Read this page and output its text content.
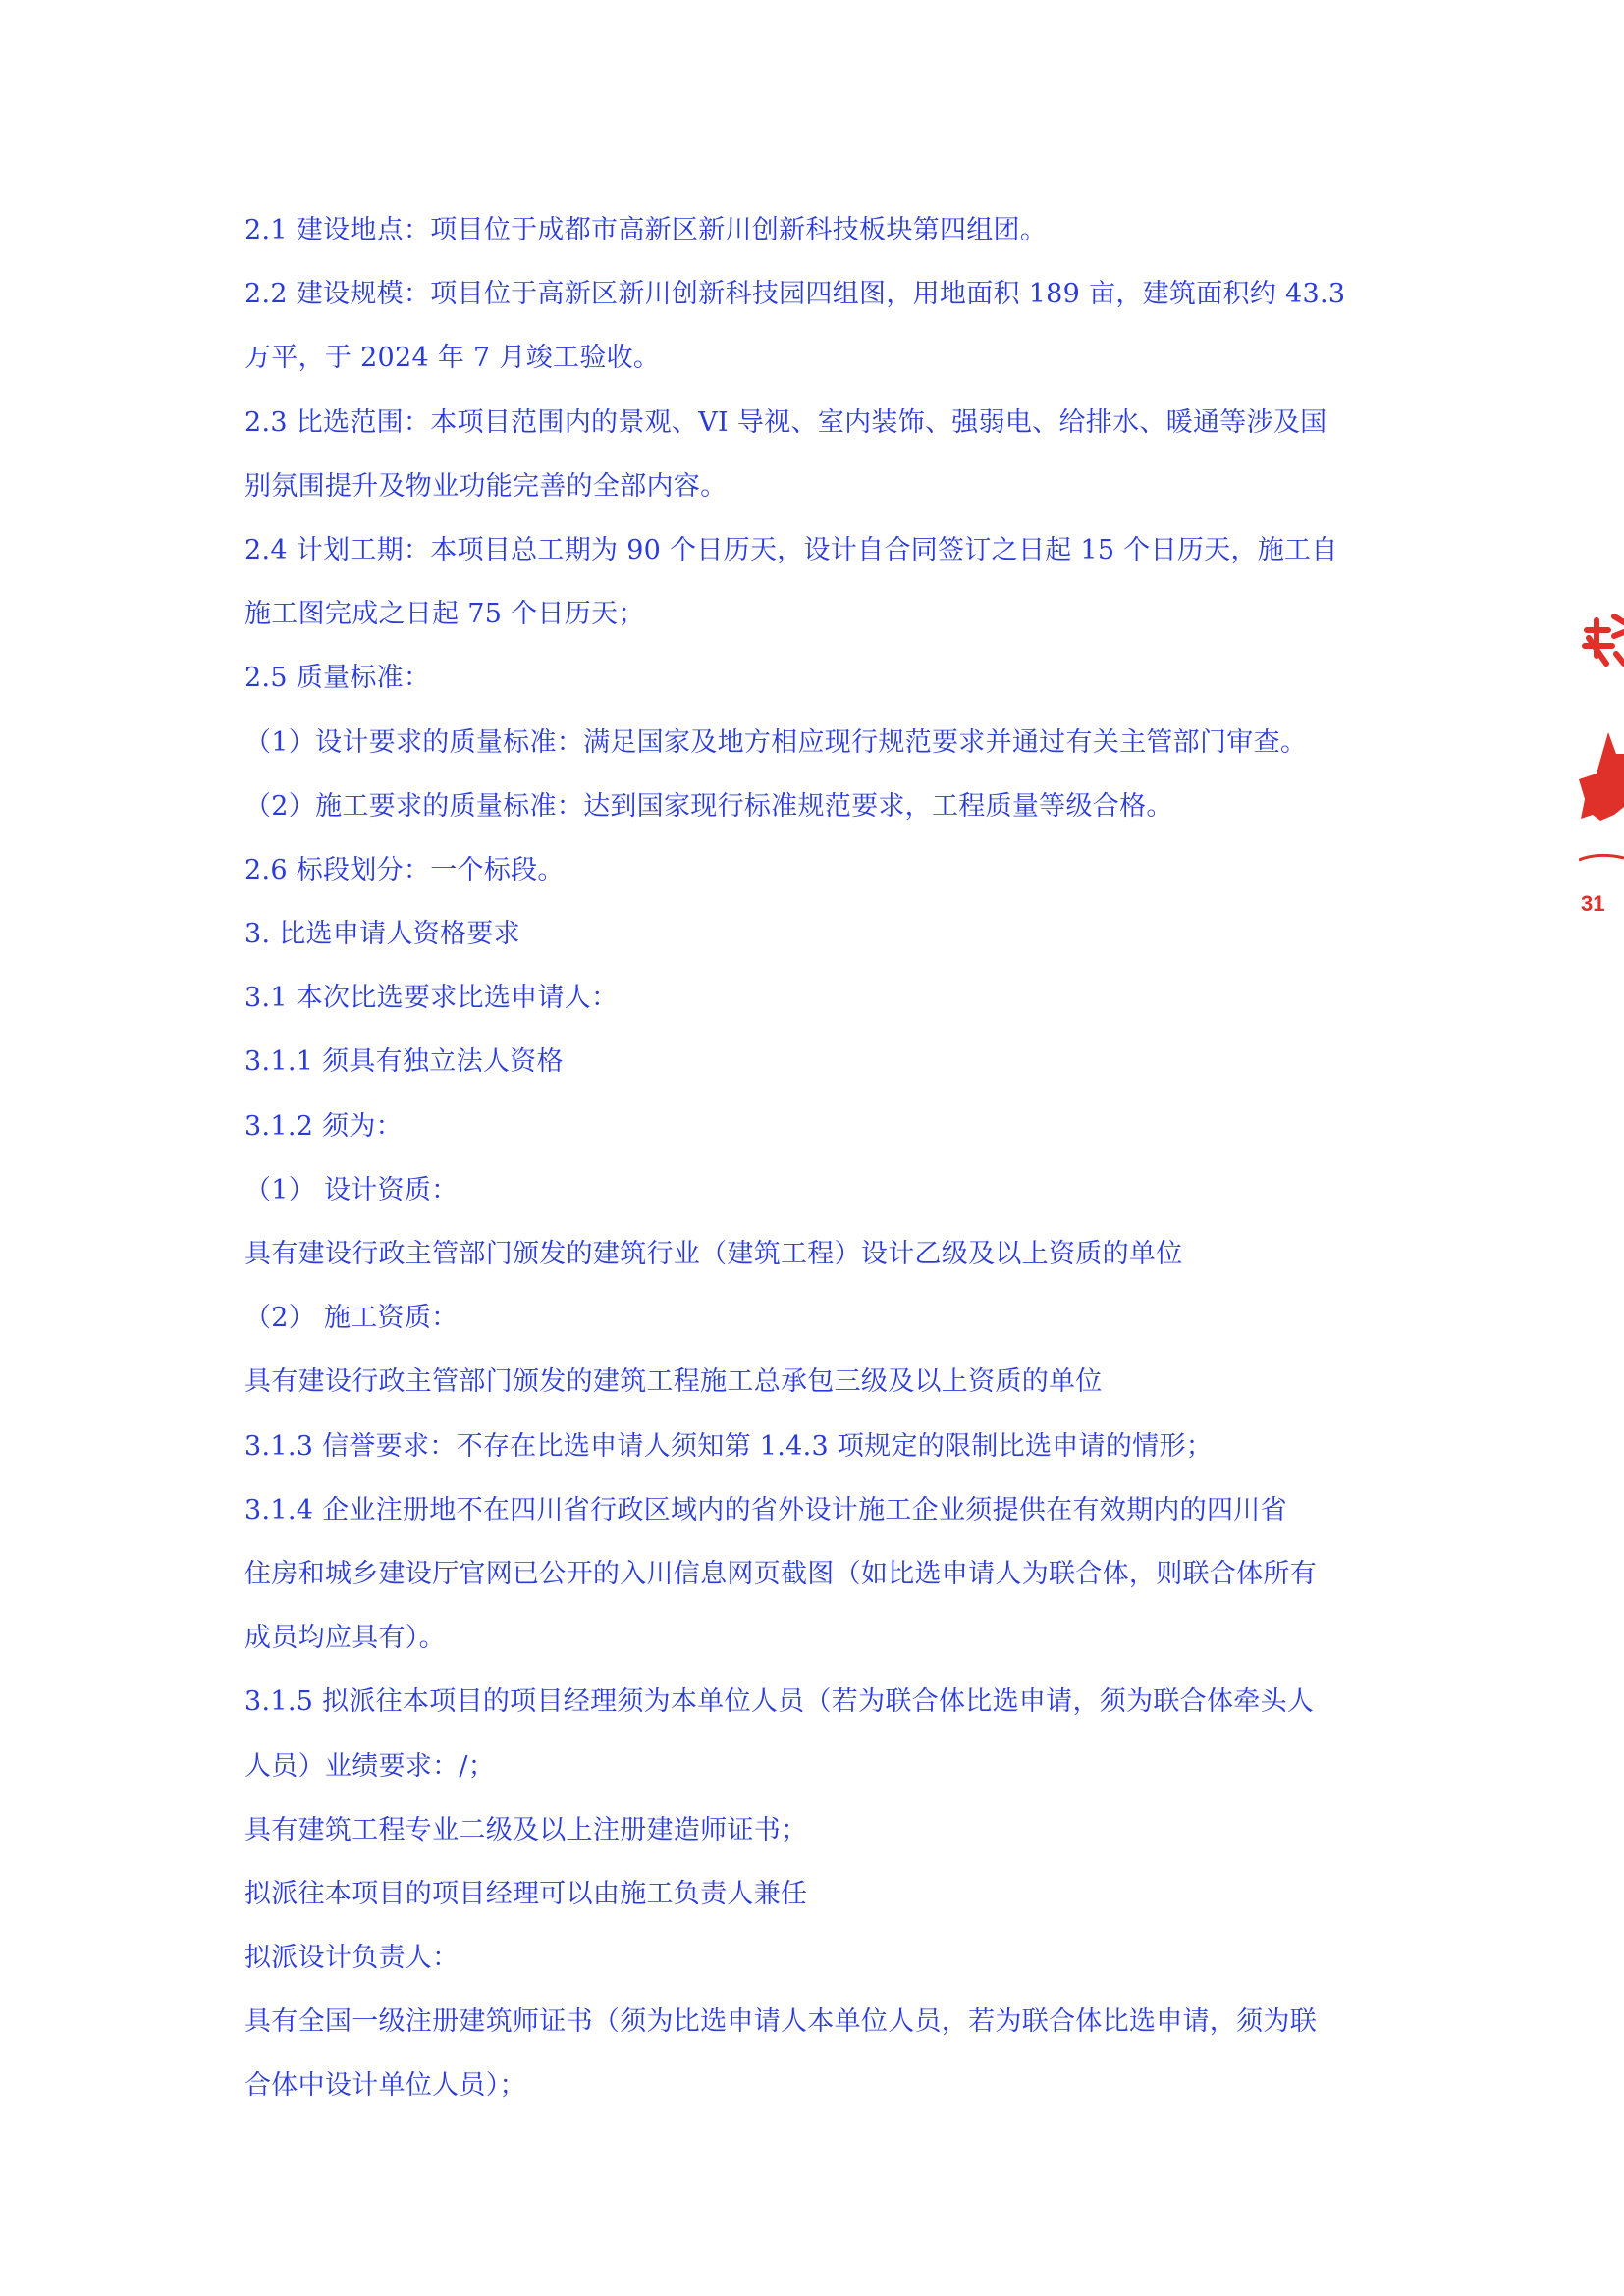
2.1 建设地点：项目位于成都市高新区新川创新科技板块第四组团。
2.2 建设规模：项目位于高新区新川创新科技园四组图，用地面积 189 亩，建筑面积约 43.3
万平，于 2024 年 7 月竣工验收。
2.3 比选范围：本项目范围内的景观、VI 导视、室内装饰、强弱电、给排水、暖通等涉及国
别氛围提升及物业功能完善的全部内容。
2.4 计划工期：本项目总工期为 90 个日历天，设计自合同签订之日起 15 个日历天，施工自
施工图完成之日起 75 个日历天；
2.5 质量标准：
（1）设计要求的质量标准：满足国家及地方相应现行规范要求并通过有关主管部门审查。
（2）施工要求的质量标准：达到国家现行标准规范要求，工程质量等级合格。
2.6 标段划分：一个标段。
3. 比选申请人资格要求
3.1 本次比选要求比选申请人：
3.1.1 须具有独立法人资格
3.1.2 须为：
（1） 设计资质：
具有建设行政主管部门颁发的建筑行业（建筑工程）设计乙级及以上资质的单位
（2） 施工资质：
具有建设行政主管部门颁发的建筑工程施工总承包三级及以上资质的单位
3.1.3 信誉要求：不存在比选申请人须知第 1.4.3 项规定的限制比选申请的情形；
3.1.4 企业注册地不在四川省行政区域内的省外设计施工企业须提供在有效期内的四川省
住房和城乡建设厅官网已公开的入川信息网页截图（如比选申请人为联合体，则联合体所有
成员均应具有）。
3.1.5 拟派往本项目的项目经理须为本单位人员（若为联合体比选申请，须为联合体牵头人
人员）业绩要求：/；
具有建筑工程专业二级及以上注册建造师证书；
拟派往本项目的项目经理可以由施工负责人兼任
拟派设计负责人：
具有全国一级注册建筑师证书（须为比选申请人本单位人员，若为联合体比选申请，须为联
合体中设计单位人员）；
31
